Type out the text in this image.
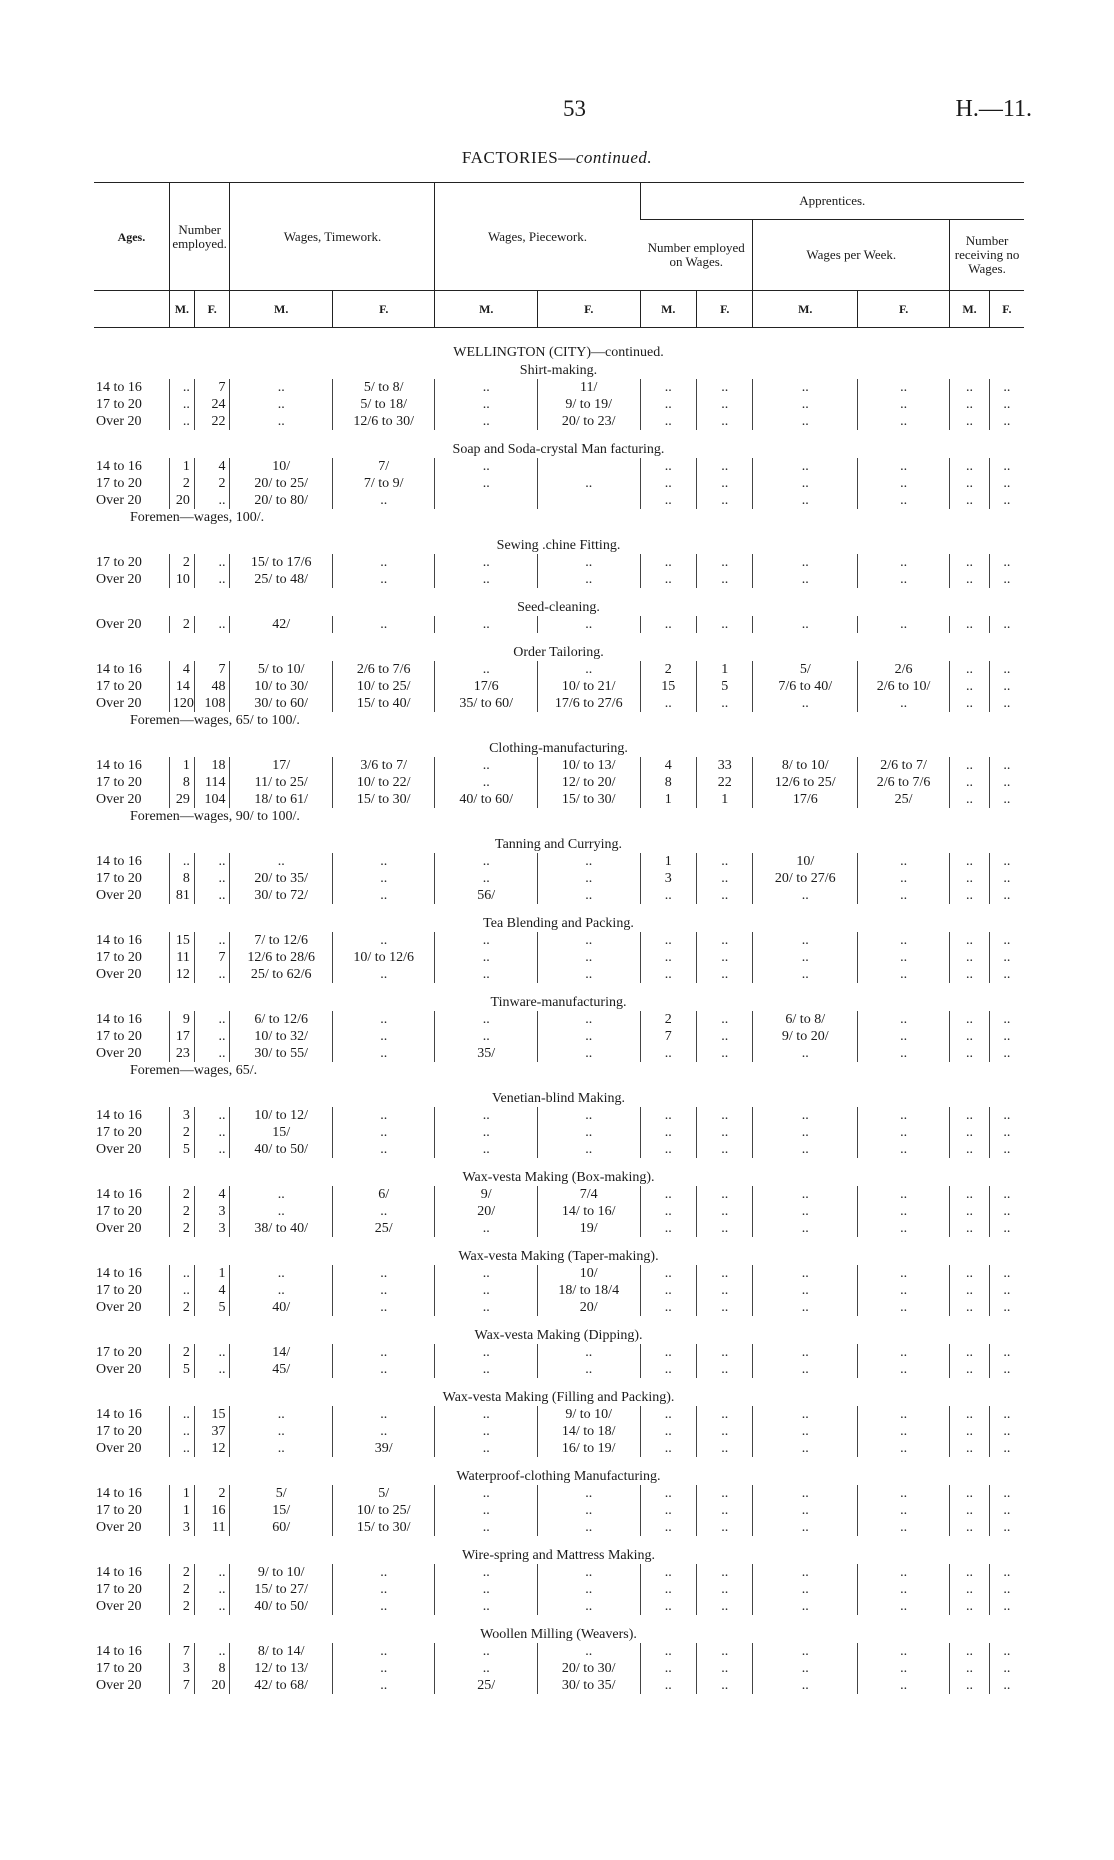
53	H.—11.
FACTORIES—continued.
Ages.	Number employed.		Wages, Timework.		Wages, Piecework.		Apprentices.					
							Number employed on Wages.		Wages per Week.		Number receiving no Wages.	
	M.	F.	M.	F.	M.	F.	M.	F.	M.	F.	M.	F.
WELLINGTON (CITY)—continued.												
Shirt-making.												
14 to 16	..	7	..	5/ to 8/	..	11/	..	..	..	..	..	..
17 to 20	..	24	..	5/ to 18/	..	9/ to 19/	..	..	..	..	..	..
Over 20	..	22	..	12/6 to 30/	..	20/ to 23/	..	..	..	..	..	..
Soap and Soda-crystal Man facturing.												
14 to 16	1	4	10/	7/	..		..	..	..	..	..	..
17 to 20	2	2	20/ to 25/	7/ to 9/	..	..	..	..	..	..	..	..
Over 20	20	..	20/ to 80/	..			..	..	..	..	..	..
Foremen—wages, 100/.												
Sewing .chine Fitting.												
17 to 20	2	..	15/ to 17/6	..	..	..	..	..	..	..	..	..
Over 20	10	..	25/ to 48/	..	..	..	..	..	..	..	..	..
Seed-cleaning.												
Over 20	2	..	42/	..	..	..	..	..	..	..	..	..
Order Tailoring.												
14 to 16	4	7	5/ to 10/	2/6 to 7/6	..	..	2	1	5/	2/6	..	..
17 to 20	14	48	10/ to 30/	10/ to 25/	17/6	10/ to 21/	15	5	7/6 to 40/	2/6 to 10/	..	..
Over 20	120	108	30/ to 60/	15/ to 40/	35/ to 60/	17/6 to 27/6	..	..	..	..	..	..
Foremen—wages, 65/ to 100/.												
Clothing-manufacturing.												
14 to 16	1	18	17/	3/6 to 7/	..	10/ to 13/	4	33	8/ to 10/	2/6 to 7/	..	..
17 to 20	8	114	11/ to 25/	10/ to 22/	..	12/ to 20/	8	22	12/6 to 25/	2/6 to 7/6	..	..
Over 20	29	104	18/ to 61/	15/ to 30/	40/ to 60/	15/ to 30/	1	1	17/6	25/	..	..
Foremen—wages, 90/ to 100/.												
Tanning and Currying.												
14 to 16	..	..	..	..	..	..	1	..	10/	..	..	..
17 to 20	8	..	20/ to 35/	..	..	..	3	..	20/ to 27/6	..	..	..
Over 20	81	..	30/ to 72/	..	56/	..	..	..	..	..	..	..
Tea Blending and Packing.												
14 to 16	15	..	7/ to 12/6	..	..	..	..	..	..	..	..	..
17 to 20	11	7	12/6 to 28/6	10/ to 12/6	..	..	..	..	..	..	..	..
Over 20	12	..	25/ to 62/6	..	..	..	..	..	..	..	..	..
Tinware-manufacturing.												
14 to 16	9	..	6/ to 12/6	..	..	..	2	..	6/ to 8/	..	..	..
17 to 20	17	..	10/ to 32/	..	..	..	7	..	9/ to 20/	..	..	..
Over 20	23	..	30/ to 55/	..	35/	..	..	..	..	..	..	..
Foremen—wages, 65/.												
Venetian-blind Making.												
14 to 16	3	..	10/ to 12/	..	..	..	..	..	..	..	..	..
17 to 20	2	..	15/	..	..	..	..	..	..	..	..	..
Over 20	5	..	40/ to 50/	..	..	..	..	..	..	..	..	..
Wax-vesta Making (Box-making).												
14 to 16	2	4	..	6/	9/	7/4	..	..	..	..	..	..
17 to 20	2	3	..	..	20/	14/ to 16/	..	..	..	..	..	..
Over 20	2	3	38/ to 40/	25/	..	19/	..	..	..	..	..	..
Wax-vesta Making (Taper-making).												
14 to 16	..	1	..	..	..	10/	..	..	..	..	..	..
17 to 20	..	4	..	..	..	18/ to 18/4	..	..	..	..	..	..
Over 20	2	5	40/	..	..	20/	..	..	..	..	..	..
Wax-vesta Making (Dipping).												
17 to 20	2	..	14/	..	..	..	..	..	..	..	..	..
Over 20	5	..	45/	..	..	..	..	..	..	..	..	..
Wax-vesta Making (Filling and Packing).												
14 to 16	..	15	..	..	..	9/ to 10/	..	..	..	..	..	..
17 to 20	..	37	..	..	..	14/ to 18/	..	..	..	..	..	..
Over 20	..	12	..	39/	..	16/ to 19/	..	..	..	..	..	..
Waterproof-clothing Manufacturing.												
14 to 16	1	2	5/	5/	..	..	..	..	..	..	..	..
17 to 20	1	16	15/	10/ to 25/	..	..	..	..	..	..	..	..
Over 20	3	11	60/	15/ to 30/	..	..	..	..	..	..	..	..
Wire-spring and Mattress Making.												
14 to 16	2	..	9/ to 10/	..	..	..	..	..	..	..	..	..
17 to 20	2	..	15/ to 27/	..	..	..	..	..	..	..	..	..
Over 20	2	..	40/ to 50/	..	..	..	..	..	..	..	..	..
Woollen Milling (Weavers).												
14 to 16	7	..	8/ to 14/	..	..	..	..	..	..	..	..	..
17 to 20	3	8	12/ to 13/	..	..	20/ to 30/	..	..	..	..	..	..
Over 20	7	20	42/ to 68/	..	25/	30/ to 35/	..	..	..	..	..	..
